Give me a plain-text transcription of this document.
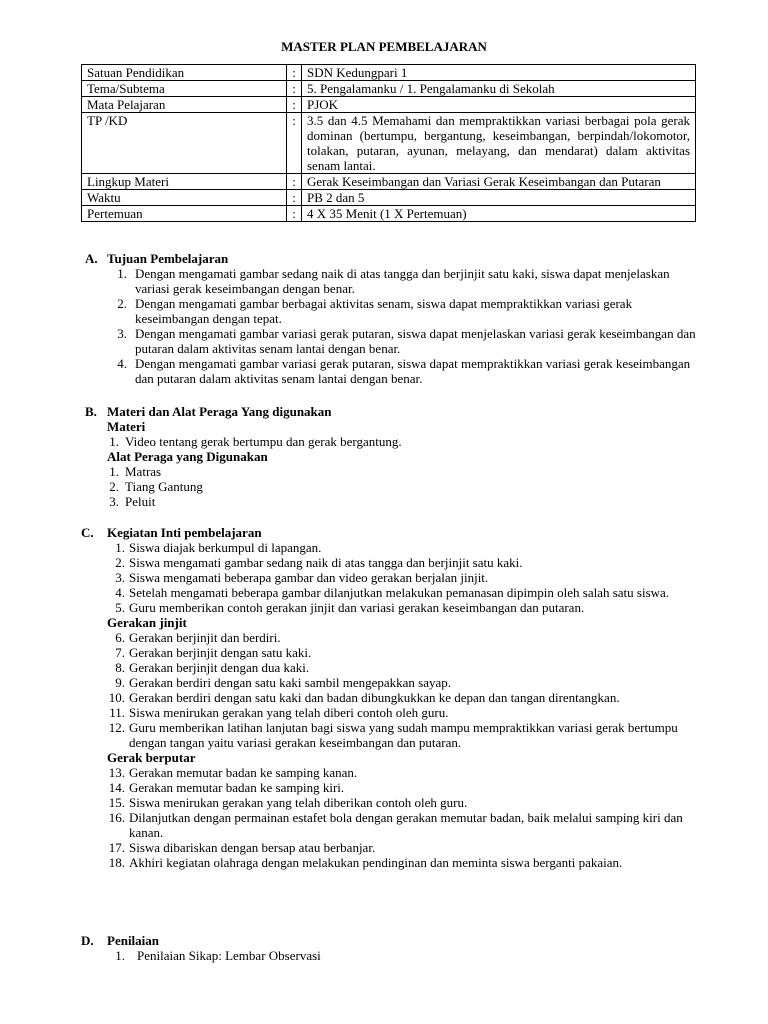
MASTER PLAN PEMBELAJARAN
Satuan Pendidikan	:	SDN Kedungpari 1
Tema/Subtema	:	5. Pengalamanku / 1. Pengalamanku di Sekolah
Mata Pelajaran	:	PJOK
TP /KD	:	3.5 dan 4.5 Memahami dan mempraktikkan variasi berbagai pola gerak dominan (bertumpu, bergantung, keseimbangan, berpindah/lokomotor, tolakan, putaran, ayunan, melayang, dan mendarat) dalam aktivitas senam lantai.
Lingkup Materi	:	Gerak Keseimbangan dan Variasi Gerak Keseimbangan dan Putaran
Waktu	:	PB 2 dan 5
Pertemuan	:	4 X 35 Menit (1 X Pertemuan)
A. Tujuan Pembelajaran
1. Dengan mengamati gambar sedang naik di atas tangga dan berjinjit satu kaki, siswa dapat menjelaskan variasi gerak keseimbangan dengan benar.
2. Dengan mengamati gambar berbagai aktivitas senam, siswa dapat mempraktikkan variasi gerak keseimbangan dengan tepat.
3. Dengan mengamati gambar variasi gerak putaran, siswa dapat menjelaskan variasi gerak keseimbangan dan putaran dalam aktivitas senam lantai dengan benar.
4. Dengan mengamati gambar variasi gerak putaran, siswa dapat mempraktikkan variasi gerak keseimbangan dan putaran dalam aktivitas senam lantai dengan benar.
B. Materi dan Alat Peraga Yang digunakan
Materi
1. Video tentang gerak bertumpu dan gerak bergantung.
Alat Peraga yang Digunakan
1. Matras
2. Tiang Gantung
3. Peluit
C.	Kegiatan Inti pembelajaran
1. Siswa diajak berkumpul di lapangan.
2. Siswa mengamati gambar sedang naik di atas tangga dan berjinjit satu kaki.
3. Siswa mengamati beberapa gambar dan video gerakan berjalan jinjit.
4. Setelah mengamati beberapa gambar dilanjutkan melakukan pemanasan dipimpin oleh salah satu siswa.
5. Guru memberikan contoh gerakan jinjit dan variasi gerakan keseimbangan dan putaran.
Gerakan jinjit
6. Gerakan berjinjit dan berdiri.
7. Gerakan berjinjit dengan satu kaki.
8. Gerakan berjinjit dengan dua kaki.
9. Gerakan berdiri dengan satu kaki sambil mengepakkan sayap.
10. Gerakan berdiri dengan satu kaki dan badan dibungkukkan ke depan dan tangan direntangkan.
11. Siswa menirukan gerakan yang telah diberi contoh oleh guru.
12. Guru memberikan latihan lanjutan bagi siswa yang sudah mampu mempraktikkan variasi gerak bertumpu dengan tangan yaitu variasi gerakan keseimbangan dan putaran.
Gerak berputar
13. Gerakan memutar badan ke samping kanan.
14. Gerakan memutar badan ke samping kiri.
15. Siswa menirukan gerakan yang telah diberikan contoh oleh guru.
16. Dilanjutkan dengan permainan estafet bola dengan gerakan memutar badan, baik melalui samping kiri dan kanan.
17. Siswa dibariskan dengan bersap atau berbanjar.
18. Akhiri kegiatan olahraga dengan melakukan pendinginan dan meminta siswa berganti pakaian.
D.	Penilaian
1. Penilaian Sikap: Lembar Observasi
